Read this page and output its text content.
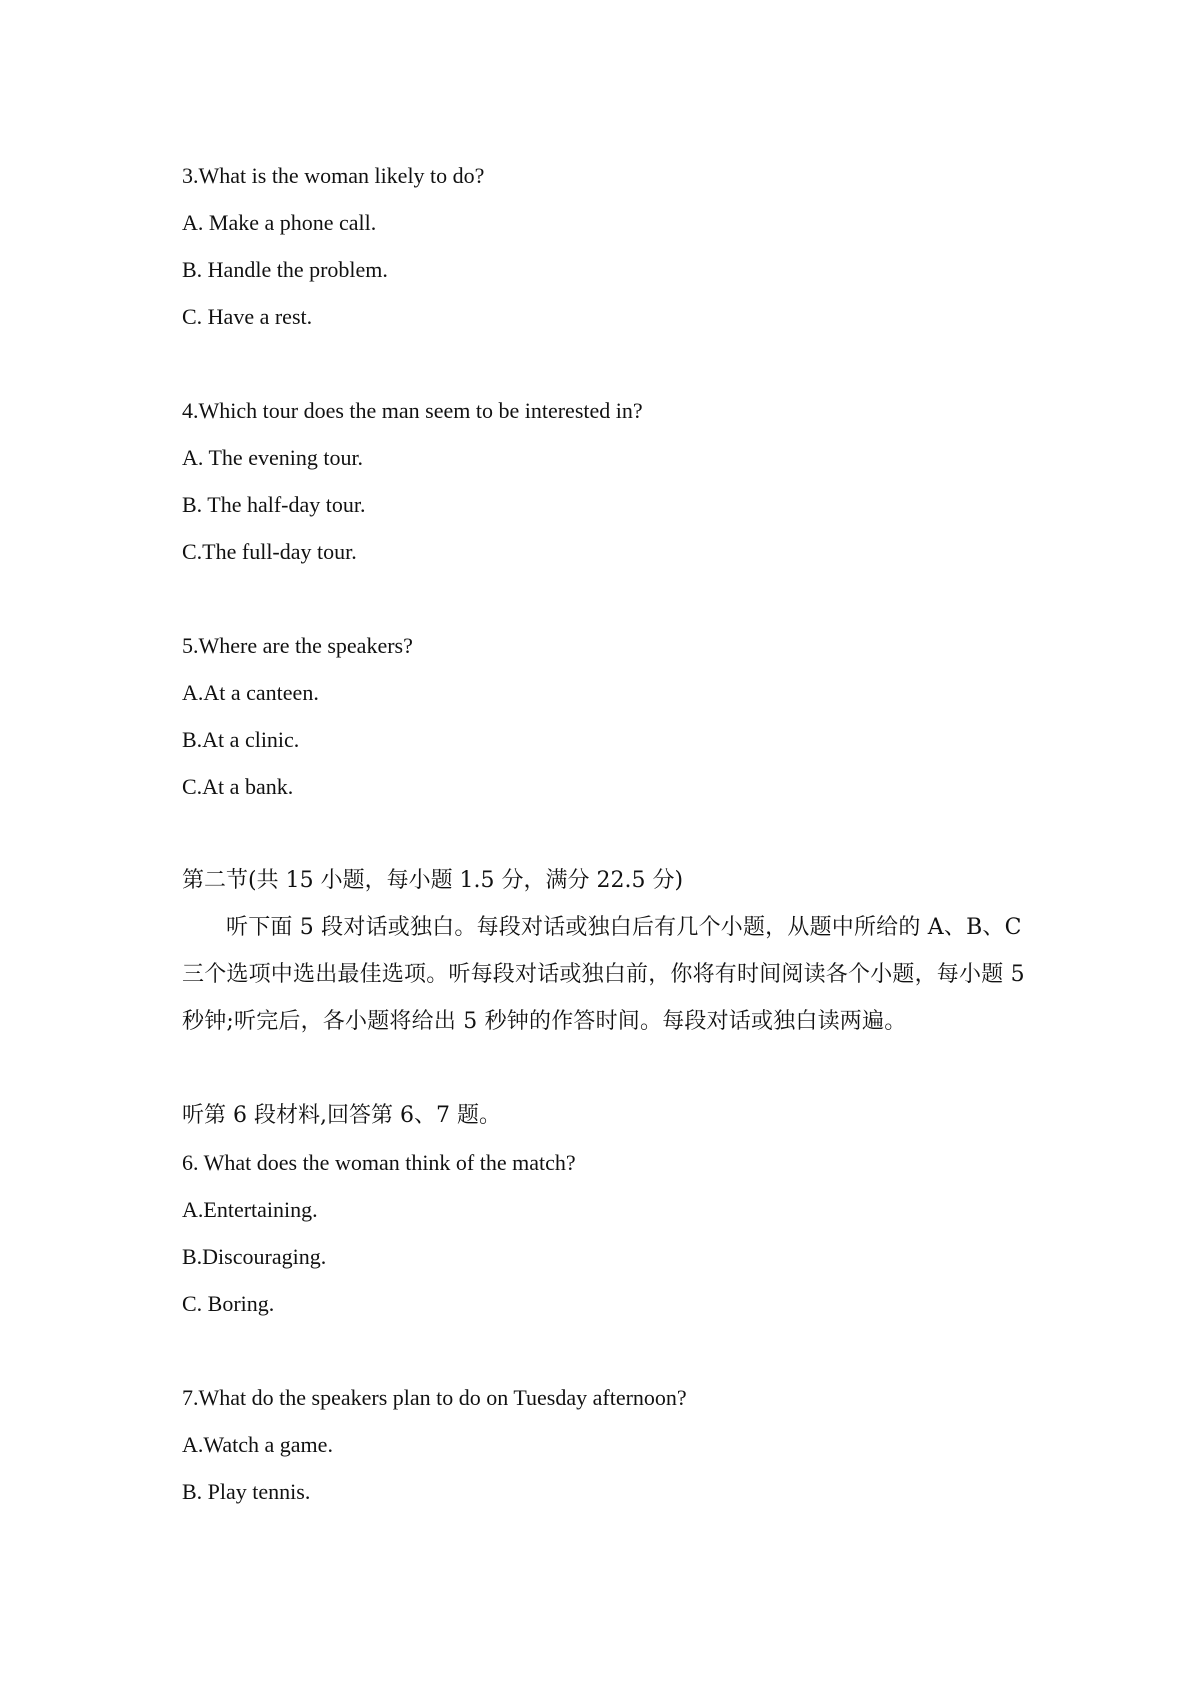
3.What is the woman likely to do?
A. Make a phone call.
B. Handle the problem.
C. Have a rest.
4.Which tour does the man seem to be interested in?
A. The evening tour.
B. The half-day tour.
C.The full-day tour.
5.Where are the speakers?
A.At a canteen.
B.At a clinic.
C.At a bank.
第二节(共 15 小题，每小题 1.5 分，满分 22.5 分)
听下面 5 段对话或独白。每段对话或独白后有几个小题，从题中所给的 A、B、C 三个选项中选出最佳选项。听每段对话或独白前，你将有时间阅读各个小题，每小题 5 秒钟;听完后，各小题将给出 5 秒钟的作答时间。每段对话或独白读两遍。
听第 6 段材料,回答第 6、7 题。
6. What does the woman think of the match?
A.Entertaining.
B.Discouraging.
C. Boring.
7.What do the speakers plan to do on Tuesday afternoon?
A.Watch a game.
B. Play tennis.
